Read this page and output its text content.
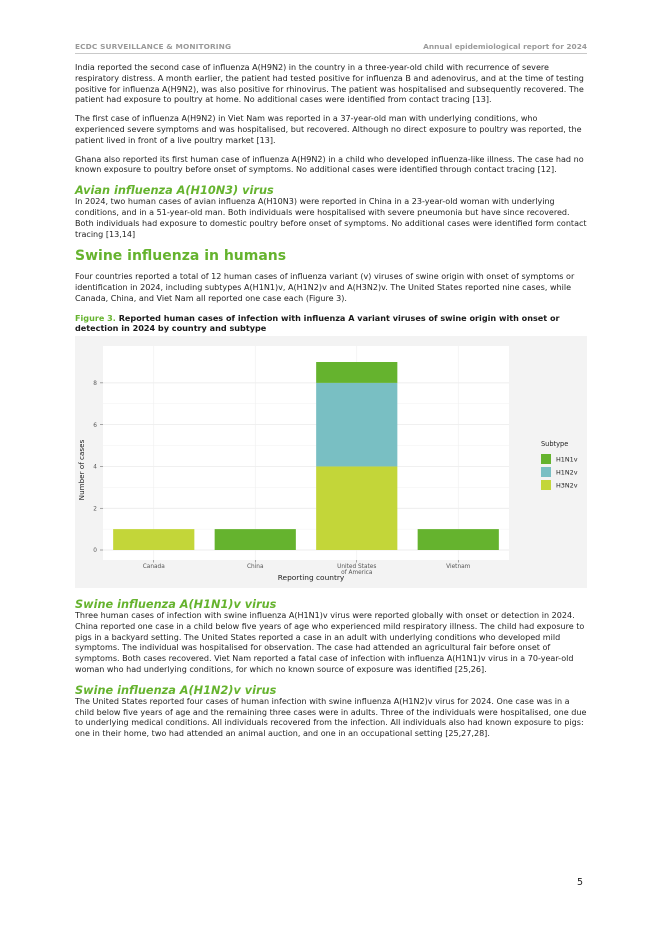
ECDC SURVEILLANCE & MONITORING	Annual epidemiological report for 2024

India reported the second case of influenza A(H9N2) in the country in a three-year-old child with recurrence of severe respiratory distress. A month earlier, the patient had tested positive for influenza B and adenovirus, and at the time of testing positive for influenza A(H9N2), was also positive for rhinovirus. The patient was hospitalised and subsequently recovered. The patient had exposure to poultry at home. No additional cases were identified from contact tracing [13].

The first case of influenza A(H9N2) in Viet Nam was reported in a 37-year-old man with underlying conditions, who experienced severe symptoms and was hospitalised, but recovered. Although no direct exposure to poultry was reported, the patient lived in front of a live poultry market [13].

Ghana also reported its first human case of influenza A(H9N2) in a child who developed influenza-like illness. The case had no known exposure to poultry before onset of symptoms. No additional cases were identified through contact tracing [12].

Avian influenza A(H10N3) virus

In 2024, two human cases of avian influenza A(H10N3) were reported in China in a 23-year-old woman with underlying conditions, and in a 51-year-old man. Both individuals were hospitalised with severe pneumonia but have since recovered. Both individuals had exposure to domestic poultry before onset of symptoms. No additional cases were identified form contact tracing [13,14]

Swine influenza in humans

Four countries reported a total of 12 human cases of influenza variant (v) viruses of swine origin with onset of symptoms or identification in 2024, including subtypes A(H1N1)v, A(H1N2)v and A(H3N2)v. The United States reported nine cases, while Canada, China, and Viet Nam all reported one case each (Figure 3).

Figure 3. Reported human cases of infection with influenza A variant viruses of swine origin with onset or detection in 2024 by country and subtype
0
2
4
6
8
Canada	China	United States of America
Vietnam
Reporting country
Number of cases	Subtype
H1N1v
H1N2v
H3N2v
Swine influenza A(H1N1)v virus

Three human cases of infection with swine influenza A(H1N1)v virus were reported globally with onset or detection in 2024. China reported one case in a child below five years of age who experienced mild respiratory illness. The child had exposure to pigs in a backyard setting. The United States reported a case in an adult with underlying conditions who developed mild symptoms. The individual was hospitalised for observation. The case had attended an agricultural fair before onset of symptoms. Both cases recovered. Viet Nam reported a fatal case of infection with influenza A(H1N1)v virus in a 70-year-old woman who had underlying conditions, for which no known source of exposure was identified [25,26].

Swine influenza A(H1N2)v virus

The United States reported four cases of human infection with swine influenza A(H1N2)v virus for 2024. One case was in a child below five years of age and the remaining three cases were in adults. Three of the individuals were hospitalised, one due to underlying medical conditions. All individuals recovered from the infection. All individuals also had known exposure to pigs: one in their home, two had attended an animal auction, and one in an occupational setting [25,27,28].

5
